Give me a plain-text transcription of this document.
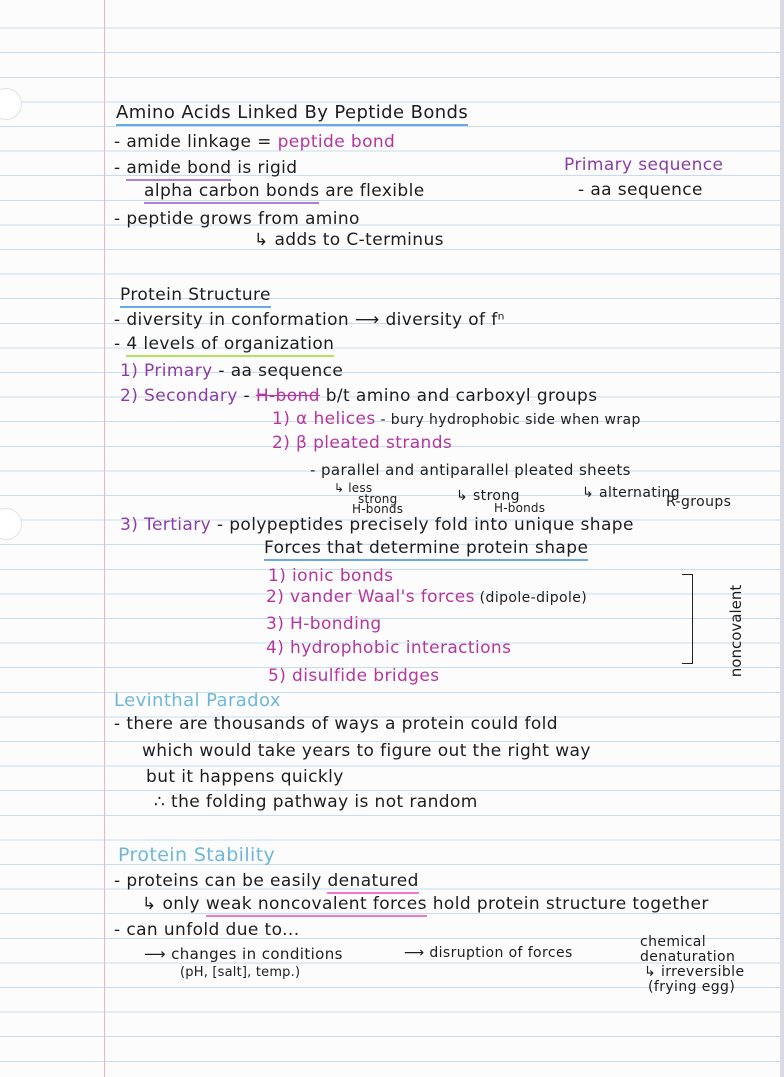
Amino Acids Linked By Peptide Bonds
- amide linkage = peptide bond
- amide bond is rigid
alpha carbon bonds are flexible
- peptide grows from amino
↳ adds to C-terminus
Primary sequence
- aa sequence
Protein Structure
- diversity in conformation ⟶ diversity of fⁿ
- 4 levels of organization
1) Primary - aa sequence
2) Secondary - H-bond b/t amino and carboxyl groups
1) α helices - bury hydrophobic side when wrap
2) β pleated strands
- parallel and antiparallel pleated sheets
↳ less
strong
H-bonds
↳ strong
H-bonds
↳ alternating
R-groups
3) Tertiary - polypeptides precisely fold into unique shape
Forces that determine protein shape
1) ionic bonds
2) vander Waal's forces (dipole-dipole)
3) H-bonding
4) hydrophobic interactions
5) disulfide bridges	noncovalent
Levinthal Paradox
- there are thousands of ways a protein could fold
which would take years to figure out the right way
but it happens quickly
∴ the folding pathway is not random
Protein Stability
- proteins can be easily denatured
↳ only weak noncovalent forces hold protein structure together
- can unfold due to...
⟶ changes in conditions	⟶ disruption of forces
(pH, [salt], temp.)
chemical
denaturation
↳ irreversible
(frying egg)
